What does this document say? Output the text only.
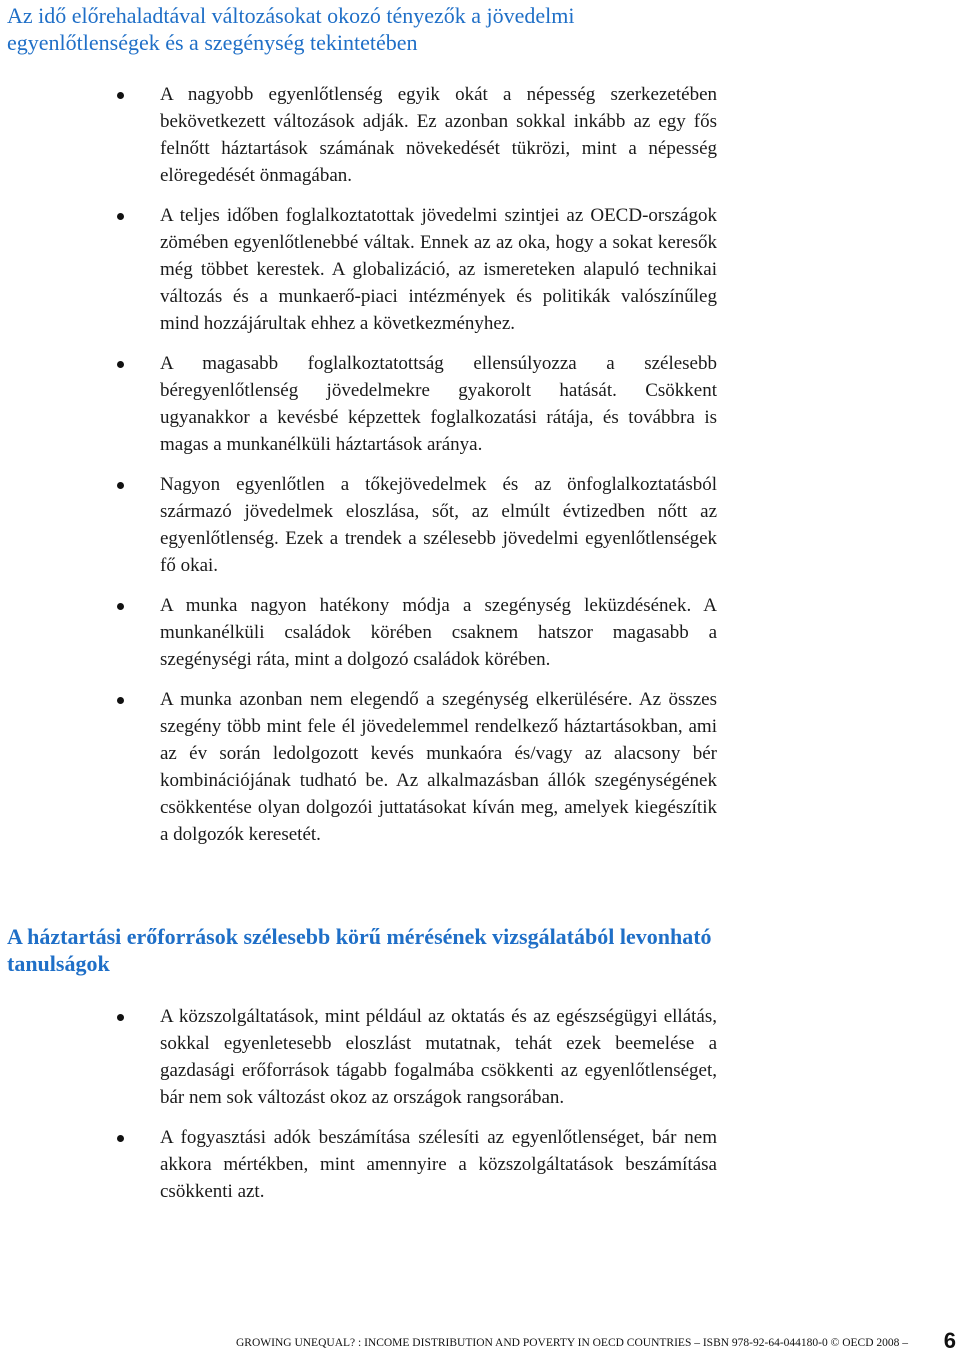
Az idő előrehaladtával változásokat okozó tényezők a jövedelmi egyenlőtlenségek és a szegénység tekintetében
A nagyobb egyenlőtlenség egyik okát a népesség szerkezetében bekövetkezett változások adják. Ez azonban sokkal inkább az egy fős felnőtt háztartások számának növekedését tükrözi, mint a népesség elöregedését önmagában.
A teljes időben foglalkoztatottak jövedelmi szintjei az OECD-országok zömében egyenlőtlenebbé váltak. Ennek az az oka, hogy a sokat keresők még többet kerestek. A globalizáció, az ismereteken alapuló technikai változás és a munkaerő-piaci intézmények és politikák valószínűleg mind hozzájárultak ehhez a következményhez.
A magasabb foglalkoztatottság ellensúlyozza a szélesebb béregyenlőtlenség jövedelmekre gyakorolt hatását. Csökkent ugyanakkor a kevésbé képzettek foglalkozatási rátája, és továbbra is magas a munkanélküli háztartások aránya.
Nagyon egyenlőtlen a tőkejövedelmek és az önfoglalkoztatásból származó jövedelmek eloszlása, sőt, az elmúlt évtizedben nőtt az egyenlőtlenség. Ezek a trendek a szélesebb jövedelmi egyenlőtlenségek fő okai.
A munka nagyon hatékony módja a szegénység leküzdésének. A munkanélküli családok körében csaknem hatszor magasabb a szegénységi ráta, mint a dolgozó családok körében.
A munka azonban nem elegendő a szegénység elkerülésére. Az összes szegény több mint fele él jövedelemmel rendelkező háztartásokban, ami az év során ledolgozott kevés munkaóra és/vagy az alacsony bér kombinációjának tudható be. Az alkalmazásban állók szegénységének csökkentése olyan dolgozói juttatásokat kíván meg, amelyek kiegészítik a dolgozók keresetét.
A háztartási erőforrások szélesebb körű mérésének vizsgálatából levonható tanulságok
A közszolgáltatások, mint például az oktatás és az egészségügyi ellátás, sokkal egyenletesebb eloszlást mutatnak, tehát ezek beemelése a gazdasági erőforrások tágabb fogalmába csökkenti az egyenlőtlenséget, bár nem sok változást okoz az országok rangsorában.
A fogyasztási adók beszámítása szélesíti az egyenlőtlenséget, bár nem akkora mértékben, mint amennyire a közszolgáltatások beszámítása csökkenti azt.
GROWING UNEQUAL? : INCOME DISTRIBUTION AND POVERTY IN OECD COUNTRIES – ISBN 978-92-64-044180-0 © OECD 2008 – 6
